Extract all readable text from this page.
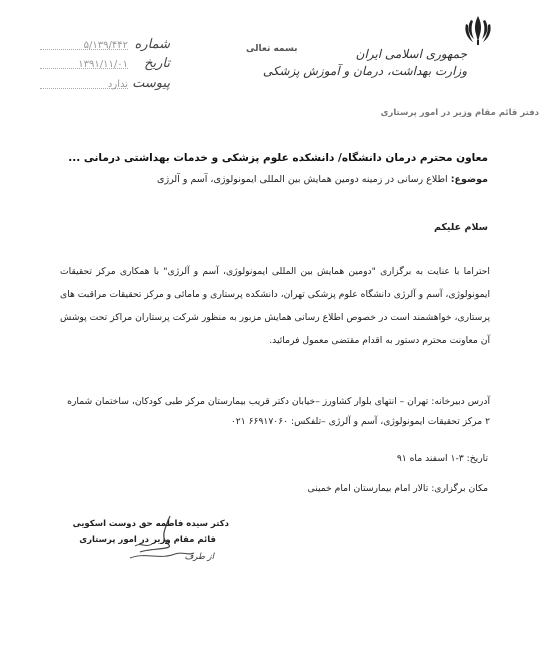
جمهوری اسلامی ایران
وزارت بهداشت، درمان و آموزش پزشکی
دفتر قائم مقام وزیر در امور پرستاری
بسمه تعالی
شماره
۵/۱۳۹/۴۴۲
تاریخ
۱۳۹۱/۱۱/۰۱
پیوست
ندارد
معاون محترم درمان دانشگاه/ دانشکده علوم پزشکی و خدمات بهداشتی درمانی ...
موضوع: اطلاع رسانی در زمینه دومین همایش بین المللی ایمونولوژی، آسم و آلرژی
سلام علیکم
احتراما با عنایت به برگزاری "دومین همایش بین المللی ایمونولوژی، آسم و آلرژی" با همکاری مرکز تحقیقات ایمونولوژی، آسم و آلرژی دانشگاه علوم پزشکی تهران، دانشکده پرستاری و مامائی و مرکز تحقیقات مراقبت های پرستاری، خواهشمند است در خصوص اطلاع رسانی همایش مزبور به منظور شرکت پرستاران مراکز تحت پوشش آن معاونت محترم دستور به اقدام مقتضی معمول فرمائید.
آدرس دبیرخانه: تهران – انتهای بلوار کشاورز –خیابان دکتر قریب بیمارستان مرکز طبی کودکان، ساختمان شماره ۲ مرکز تحقیقات ایمونولوژی، آسم و آلرژی –تلفکس: ۶۶۹۱۷۰۶۰ ۰۲۱
تاریخ: ۳-۱ اسفند ماه ۹۱
مکان برگزاری: تالار امام بیمارستان امام خمینی
دکتر سیده فاطمه حق دوست اسکویی
قائم مقام وزیر در امور پرستاری
از طرف
